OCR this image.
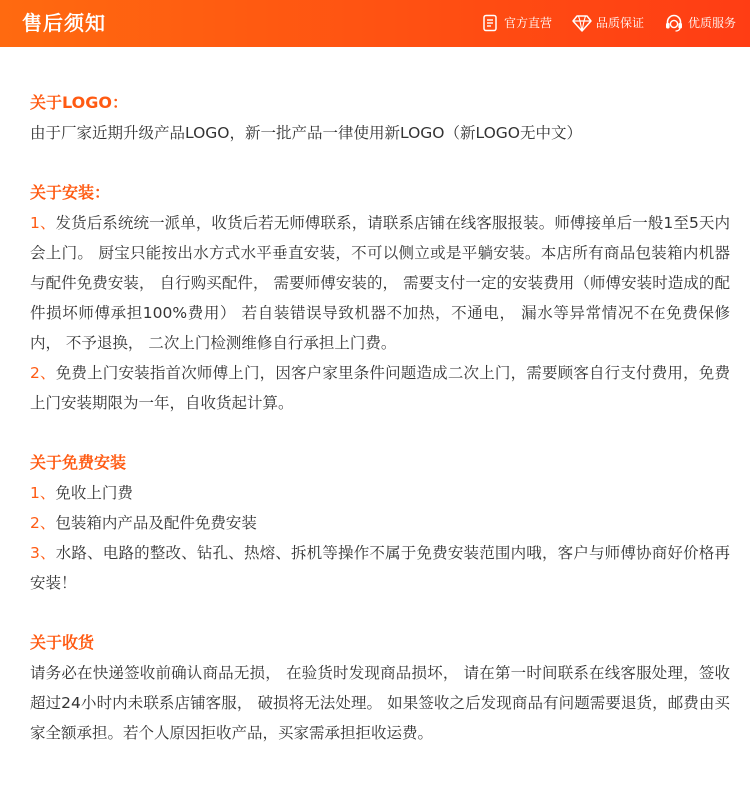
售后须知	官方直营	品质保证	优质服务
关于LOGO：

由于厂家近期升级产品LOGO，新一批产品一律使用新LOGO（新LOGO无中文）

关于安装：

1、发货后系统统一派单，收货后若无师傅联系，请联系店铺在线客服报装。师傅接单后一般1至5天内会上门。 厨宝只能按出水方式水平垂直安装，不可以侧立或是平躺安装。本店所有商品包装箱内机器与配件免费安装， 自行购买配件， 需要师傅安装的， 需要支付一定的安装费用（师傅安装时造成的配件损坏师傅承担100%费用） 若自装错误导致机器不加热，不通电， 漏水等异常情况不在免费保修内， 不予退换， 二次上门检测维修自行承担上门费。

2、免费上门安装指首次师傅上门，因客户家里条件问题造成二次上门，需要顾客自行支付费用，免费上门安装期限为一年，自收货起计算。

关于免费安装

1、免收上门费

2、包装箱内产品及配件免费安装

3、水路、电路的整改、钻孔、热熔、拆机等操作不属于免费安装范围内哦，客户与师傅协商好价格再安装！

关于收货

请务必在快递签收前确认商品无损， 在验货时发现商品损坏， 请在第一时间联系在线客服处理，签收超过24小时内未联系店铺客服， 破损将无法处理。 如果签收之后发现商品有问题需要退货，邮费由买家全额承担。若个人原因拒收产品，买家需承担拒收运费。
